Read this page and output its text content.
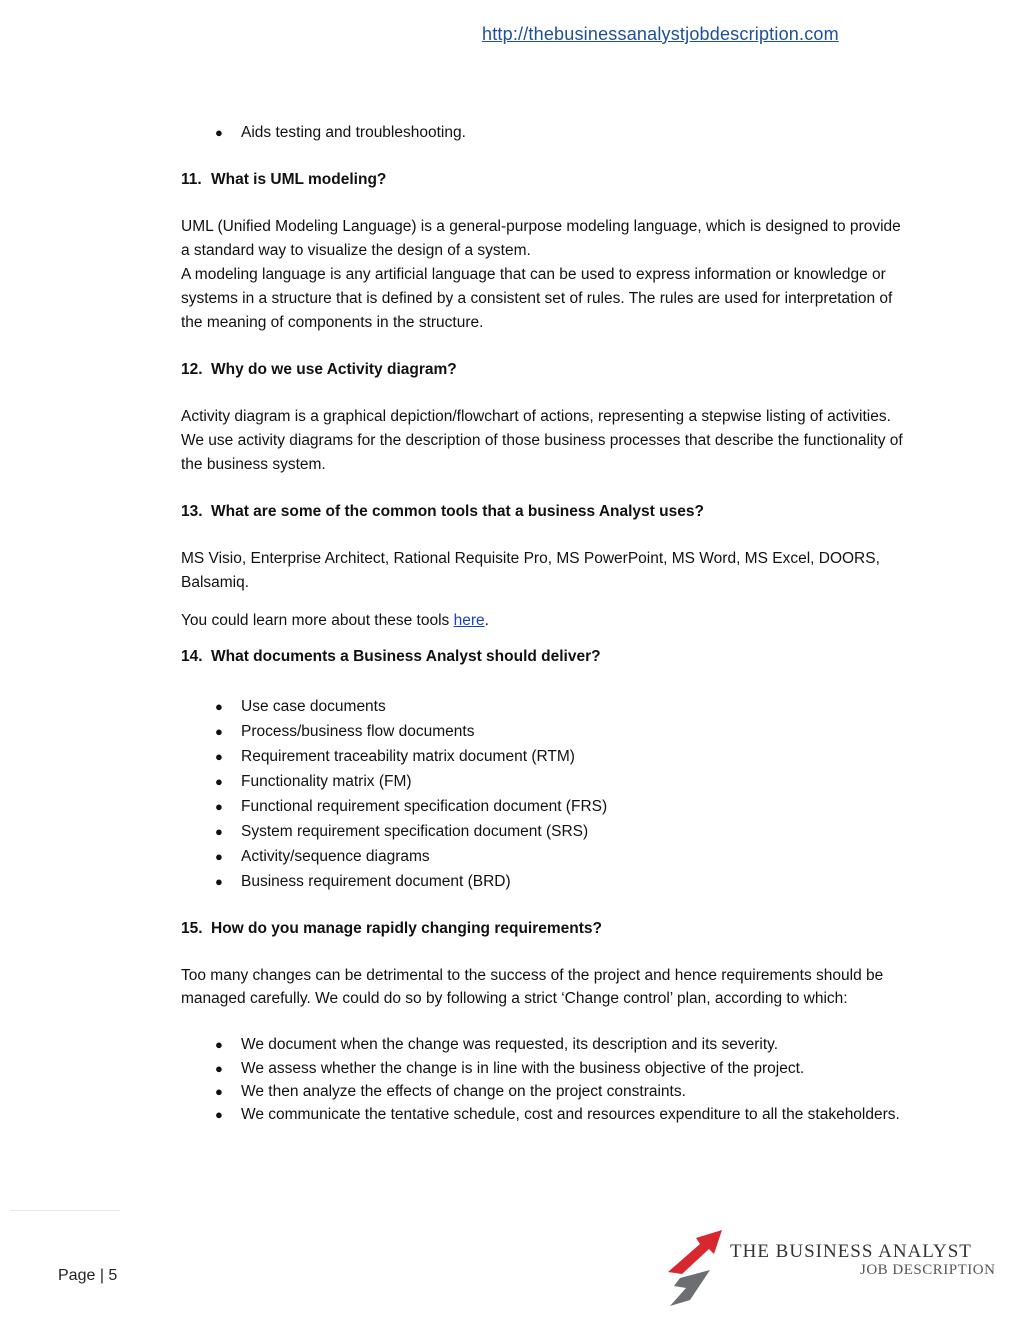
http://thebusinessanalystjobdescription.com
● Aids testing and troubleshooting.

11. What is UML modeling?

UML (Unified Modeling Language) is a general-purpose modeling language, which is designed to provide a standard way to visualize the design of a system.

A modeling language is any artificial language that can be used to express information or knowledge or systems in a structure that is defined by a consistent set of rules. The rules are used for interpretation of the meaning of components in the structure.

12. Why do we use Activity diagram?

Activity diagram is a graphical depiction/flowchart of actions, representing a stepwise listing of activities. We use activity diagrams for the description of those business processes that describe the functionality of the business system.

13. What are some of the common tools that a business Analyst uses?

MS Visio, Enterprise Architect, Rational Requisite Pro, MS PowerPoint, MS Word, MS Excel, DOORS, Balsamiq.

You could learn more about these tools here.

14. What documents a Business Analyst should deliver?

● Use case documents
● Process/business flow documents
● Requirement traceability matrix document (RTM)
● Functionality matrix (FM)
● Functional requirement specification document (FRS)
● System requirement specification document (SRS)
● Activity/sequence diagrams
● Business requirement document (BRD)

15. How do you manage rapidly changing requirements?

Too many changes can be detrimental to the success of the project and hence requirements should be managed carefully. We could do so by following a strict ‘Change control’ plan, according to which:

● We document when the change was requested, its description and its severity.
● We assess whether the change is in line with the business objective of the project.
● We then analyze the effects of change on the project constraints.
● We communicate the tentative schedule, cost and resources expenditure to all the stakeholders.
Page | 5
THE BUSINESS ANALYST
JOB DESCRIPTION
